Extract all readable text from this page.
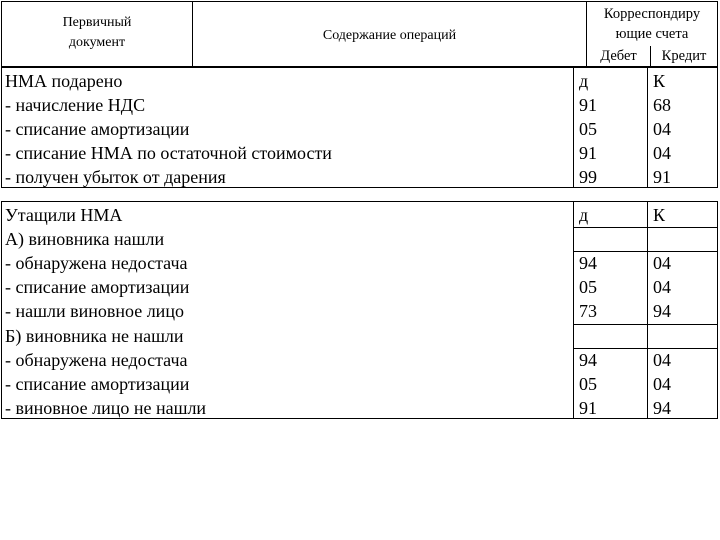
Первичный
документ	Содержание операций
Корреспондиру
ющие счета
Дебет	Кредит
НМА подарено	д	К
- начисление НДС	91	68
- списание амортизации	05	04
- списание НМА по остаточной стоимости	91	04
- получен убыток от дарения	99	91
Утащили НМА	д	К
А) виновника нашли
- обнаружена недостача	94	04
- списание амортизации	05	04
- нашли виновное лицо	73	94
Б) виновника не нашли
- обнаружена недостача	94	04
- списание амортизации	05	04
- виновное лицо не нашли	91	94
